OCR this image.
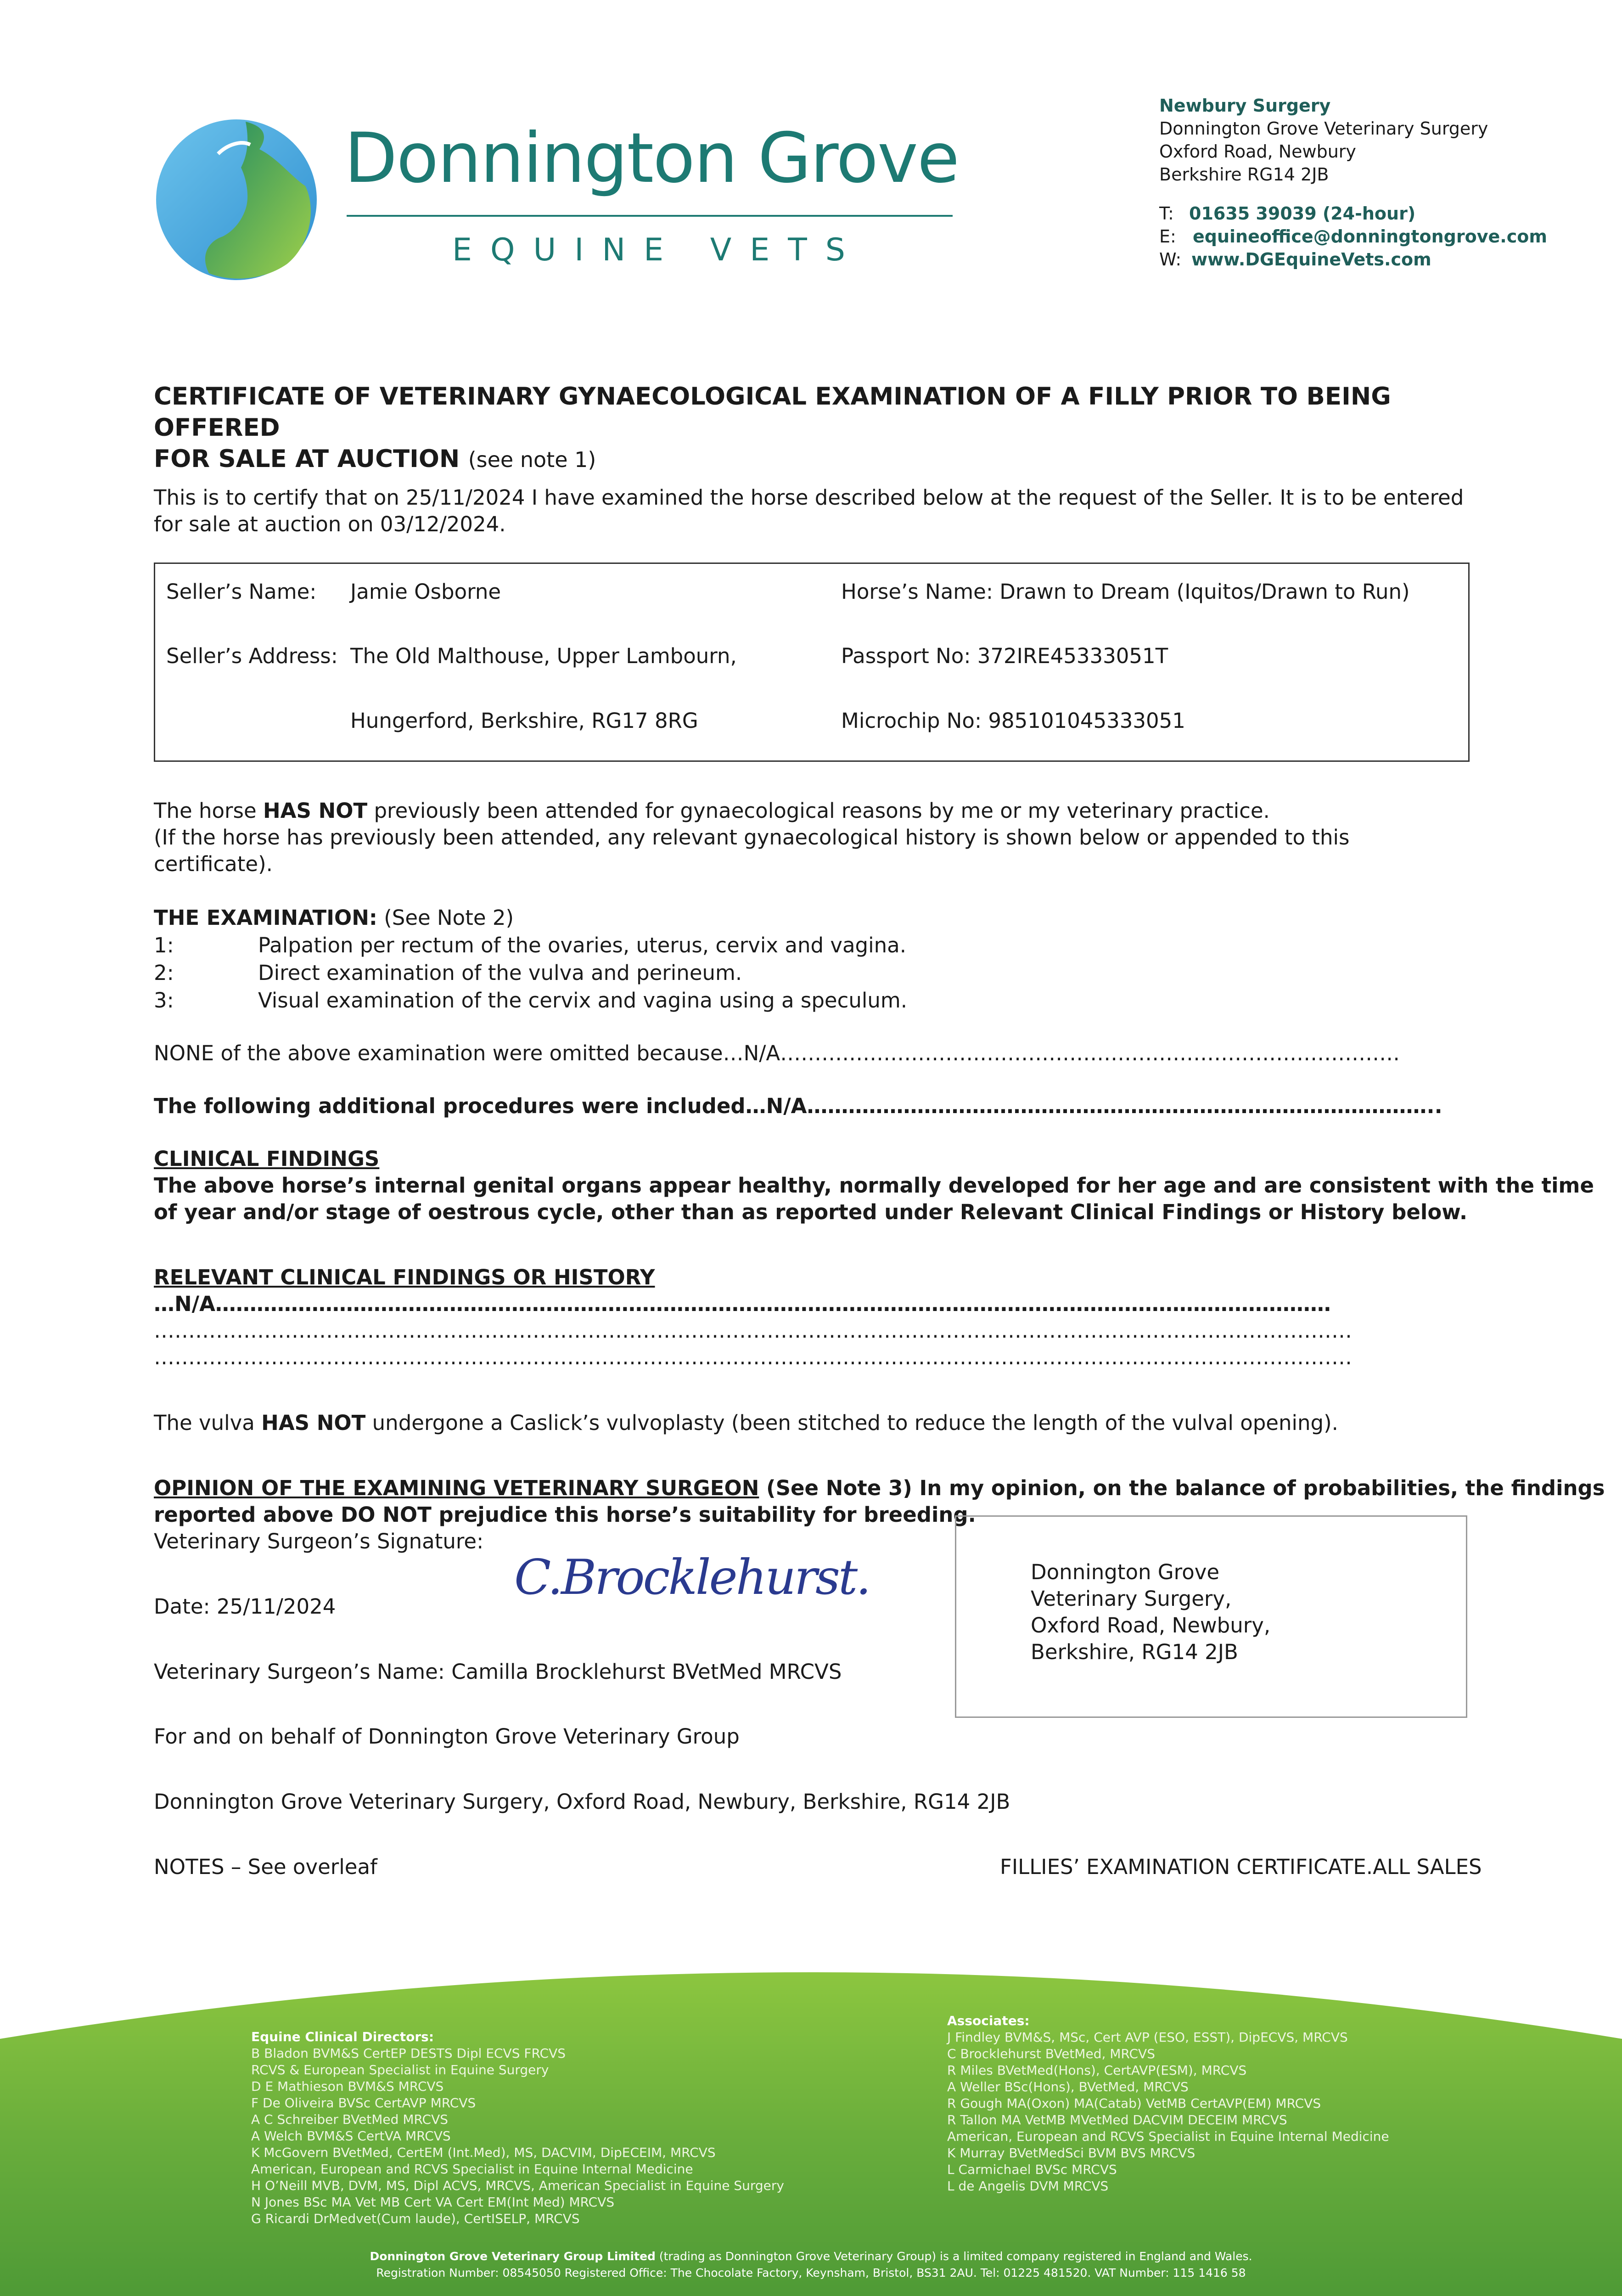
Donnington Grove
EQUINE VETS
Newbury Surgery
Donnington Grove Veterinary Surgery
Oxford Road, Newbury
Berkshire RG14 2JB
T: 01635 39039 (24-hour)
E: equineoffice@donningtongrove.com
W: www.DGEquineVets.com
CERTIFICATE OF VETERINARY GYNAECOLOGICAL EXAMINATION OF A FILLY PRIOR TO BEING OFFERED
FOR SALE AT AUCTION (see note 1)
This is to certify that on 25/11/2024 I have examined the horse described below at the request of the Seller. It is to be entered
for sale at auction on 03/12/2024.
Seller’s Name: Jamie Osborne	Horse’s Name: Drawn to Dream (Iquitos/Drawn to Run)
Seller’s Address: The Old Malthouse, Upper Lambourn,	Passport No: 372IRE45333051T
Hungerford, Berkshire, RG17 8RG	Microchip No: 985101045333051
The horse HAS NOT previously been attended for gynaecological reasons by me or my veterinary practice.
(If the horse has previously been attended, any relevant gynaecological history is shown below or appended to this
certificate).
THE EXAMINATION: (See Note 2)
1:	Palpation per rectum of the ovaries, uterus, cervix and vagina.
2:	Direct examination of the vulva and perineum.
3:	Visual examination of the cervix and vagina using a speculum.
NONE of the above examination were omitted because…N/A………………………………………………………………………………
The following additional procedures were included…N/A………………………………………………………………………………..
CLINICAL FINDINGS
The above horse’s internal genital organs appear healthy, normally developed for her age and are consistent with the time
of year and/or stage of oestrous cycle, other than as reported under Relevant Clinical Findings or History below.
RELEVANT CLINICAL FINDINGS OR HISTORY
…N/A………………………………………………………………………………………………………………………………………………
…………………………………………………………………………………………………………………………………………………………
…………………………………………………………………………………………………………………………………………………………
The vulva HAS NOT undergone a Caslick’s vulvoplasty (been stitched to reduce the length of the vulval opening).
OPINION OF THE EXAMINING VETERINARY SURGEON (See Note 3) In my opinion, on the balance of probabilities, the findings
reported above DO NOT prejudice this horse’s suitability for breeding.
Veterinary Surgeon’s Signature:
C.Brocklehurst.
Date: 25/11/2024
Veterinary Surgeon’s Name: Camilla Brocklehurst BVetMed MRCVS
For and on behalf of Donnington Grove Veterinary Group
Donnington Grove Veterinary Surgery, Oxford Road, Newbury, Berkshire, RG14 2JB
Donnington Grove
Veterinary Surgery,
Oxford Road, Newbury,
Berkshire, RG14 2JB
NOTES – See overleaf	FILLIES’ EXAMINATION CERTIFICATE.ALL SALES
Equine Clinical Directors:
B Bladon BVM&S CertEP DESTS Dipl ECVS FRCVS
RCVS & European Specialist in Equine Surgery
D E Mathieson BVM&S MRCVS
F De Oliveira BVSc CertAVP MRCVS
A C Schreiber BVetMed MRCVS
A Welch BVM&S CertVA MRCVS
K McGovern BVetMed, CertEM (Int.Med), MS, DACVIM, DipECEIM, MRCVS
American, European and RCVS Specialist in Equine Internal Medicine
H O’Neill MVB, DVM, MS, Dipl ACVS, MRCVS, American Specialist in Equine Surgery
N Jones BSc MA Vet MB Cert VA Cert EM(Int Med) MRCVS
G Ricardi DrMedvet(Cum laude), CertISELP, MRCVS
Associates:
J Findley BVM&S, MSc, Cert AVP (ESO, ESST), DipECVS, MRCVS
C Brocklehurst BVetMed, MRCVS
R Miles BVetMed(Hons), CertAVP(ESM), MRCVS
A Weller BSc(Hons), BVetMed, MRCVS
R Gough MA(Oxon) MA(Catab) VetMB CertAVP(EM) MRCVS
R Tallon MA VetMB MVetMed DACVIM DECEIM MRCVS
American, European and RCVS Specialist in Equine Internal Medicine
K Murray BVetMedSci BVM BVS MRCVS
L Carmichael BVSc MRCVS
L de Angelis DVM MRCVS
Donnington Grove Veterinary Group Limited (trading as Donnington Grove Veterinary Group) is a limited company registered in England and Wales.
Registration Number: 08545050 Registered Office: The Chocolate Factory, Keynsham, Bristol, BS31 2AU. Tel: 01225 481520. VAT Number: 115 1416 58
